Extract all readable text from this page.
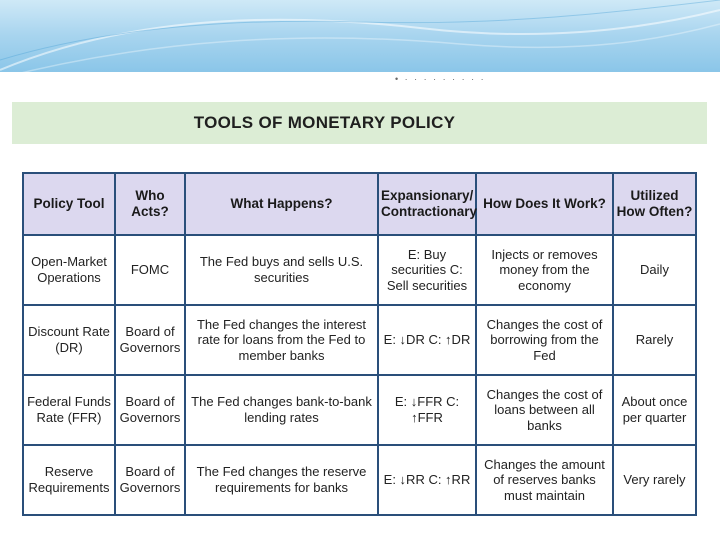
• · · · · · · · · ·
TOOLS OF MONETARY POLICY
Policy Tool	Who Acts?	What Happens?	Expansionary/ Contractionary	How Does It Work?	Utilized How Often?
Open-Market Operations	FOMC	The Fed buys and sells U.S. securities	E: Buy securities C: Sell securities	Injects or removes money from the economy	Daily
Discount Rate (DR)	Board of Governors	The Fed changes the interest rate for loans from the Fed to member banks	E: ↓DR C: ↑DR	Changes the cost of borrowing from the Fed	Rarely
Federal Funds Rate (FFR)	Board of Governors	The Fed changes bank-to-bank lending rates	E: ↓FFR C: ↑FFR	Changes the cost of loans between all banks	About once per quarter
Reserve Requirements	Board of Governors	The Fed changes the reserve requirements for banks	E: ↓RR C: ↑RR	Changes the amount of reserves banks must maintain	Very rarely
